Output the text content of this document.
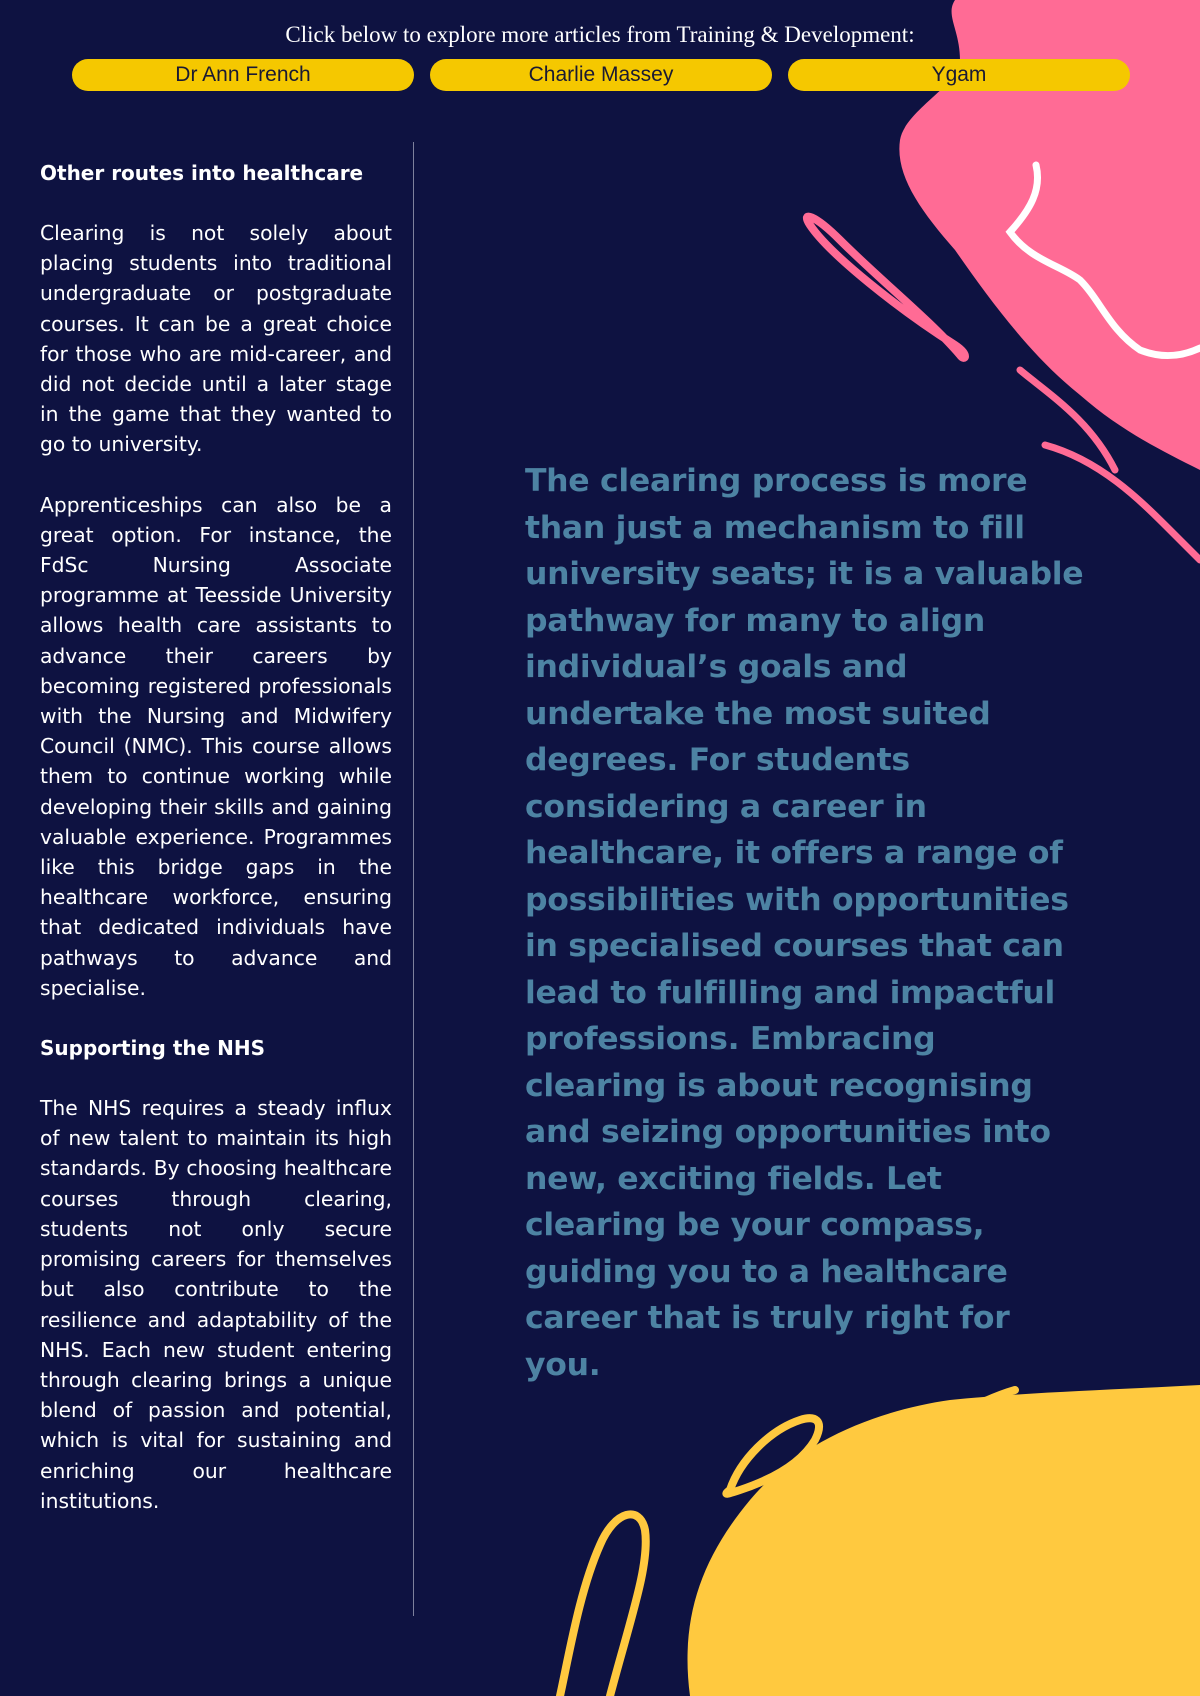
Click below to explore more articles from Training & Development:

Dr Ann French	Charlie Massey	Ygam
Other routes into healthcare

Clearing is not solely about placing students into traditional undergraduate or postgraduate courses. It can be a great choice for those who are mid-career, and did not decide until a later stage in the game that they wanted to go to university.

Apprenticeships can also be a great option. For instance, the FdSc Nursing Associate programme at Teesside University allows health care assistants to advance their careers by becoming registered professionals with the Nursing and Midwifery Council (NMC). This course allows them to continue working while developing their skills and gaining valuable experience. Programmes like this bridge gaps in the healthcare workforce, ensuring that dedicated individuals have pathways to advance and specialise.

Supporting the NHS

The NHS requires a steady influx of new talent to maintain its high standards. By choosing healthcare courses through clearing, students not only secure promising careers for themselves but also contribute to the resilience and adaptability of the NHS. Each new student entering through clearing brings a unique blend of passion and potential, which is vital for sustaining and enriching our healthcare institutions.

The clearing process is more than just a mechanism to fill university seats; it is a valuable pathway for many to align individual’s goals and undertake the most suited degrees. For students considering a career in healthcare, it offers a range of possibilities with opportunities in specialised courses that can lead to fulfilling and impactful professions. Embracing clearing is about recognising and seizing opportunities into new, exciting fields. Let clearing be your compass, guiding you to a healthcare career that is truly right for you.
